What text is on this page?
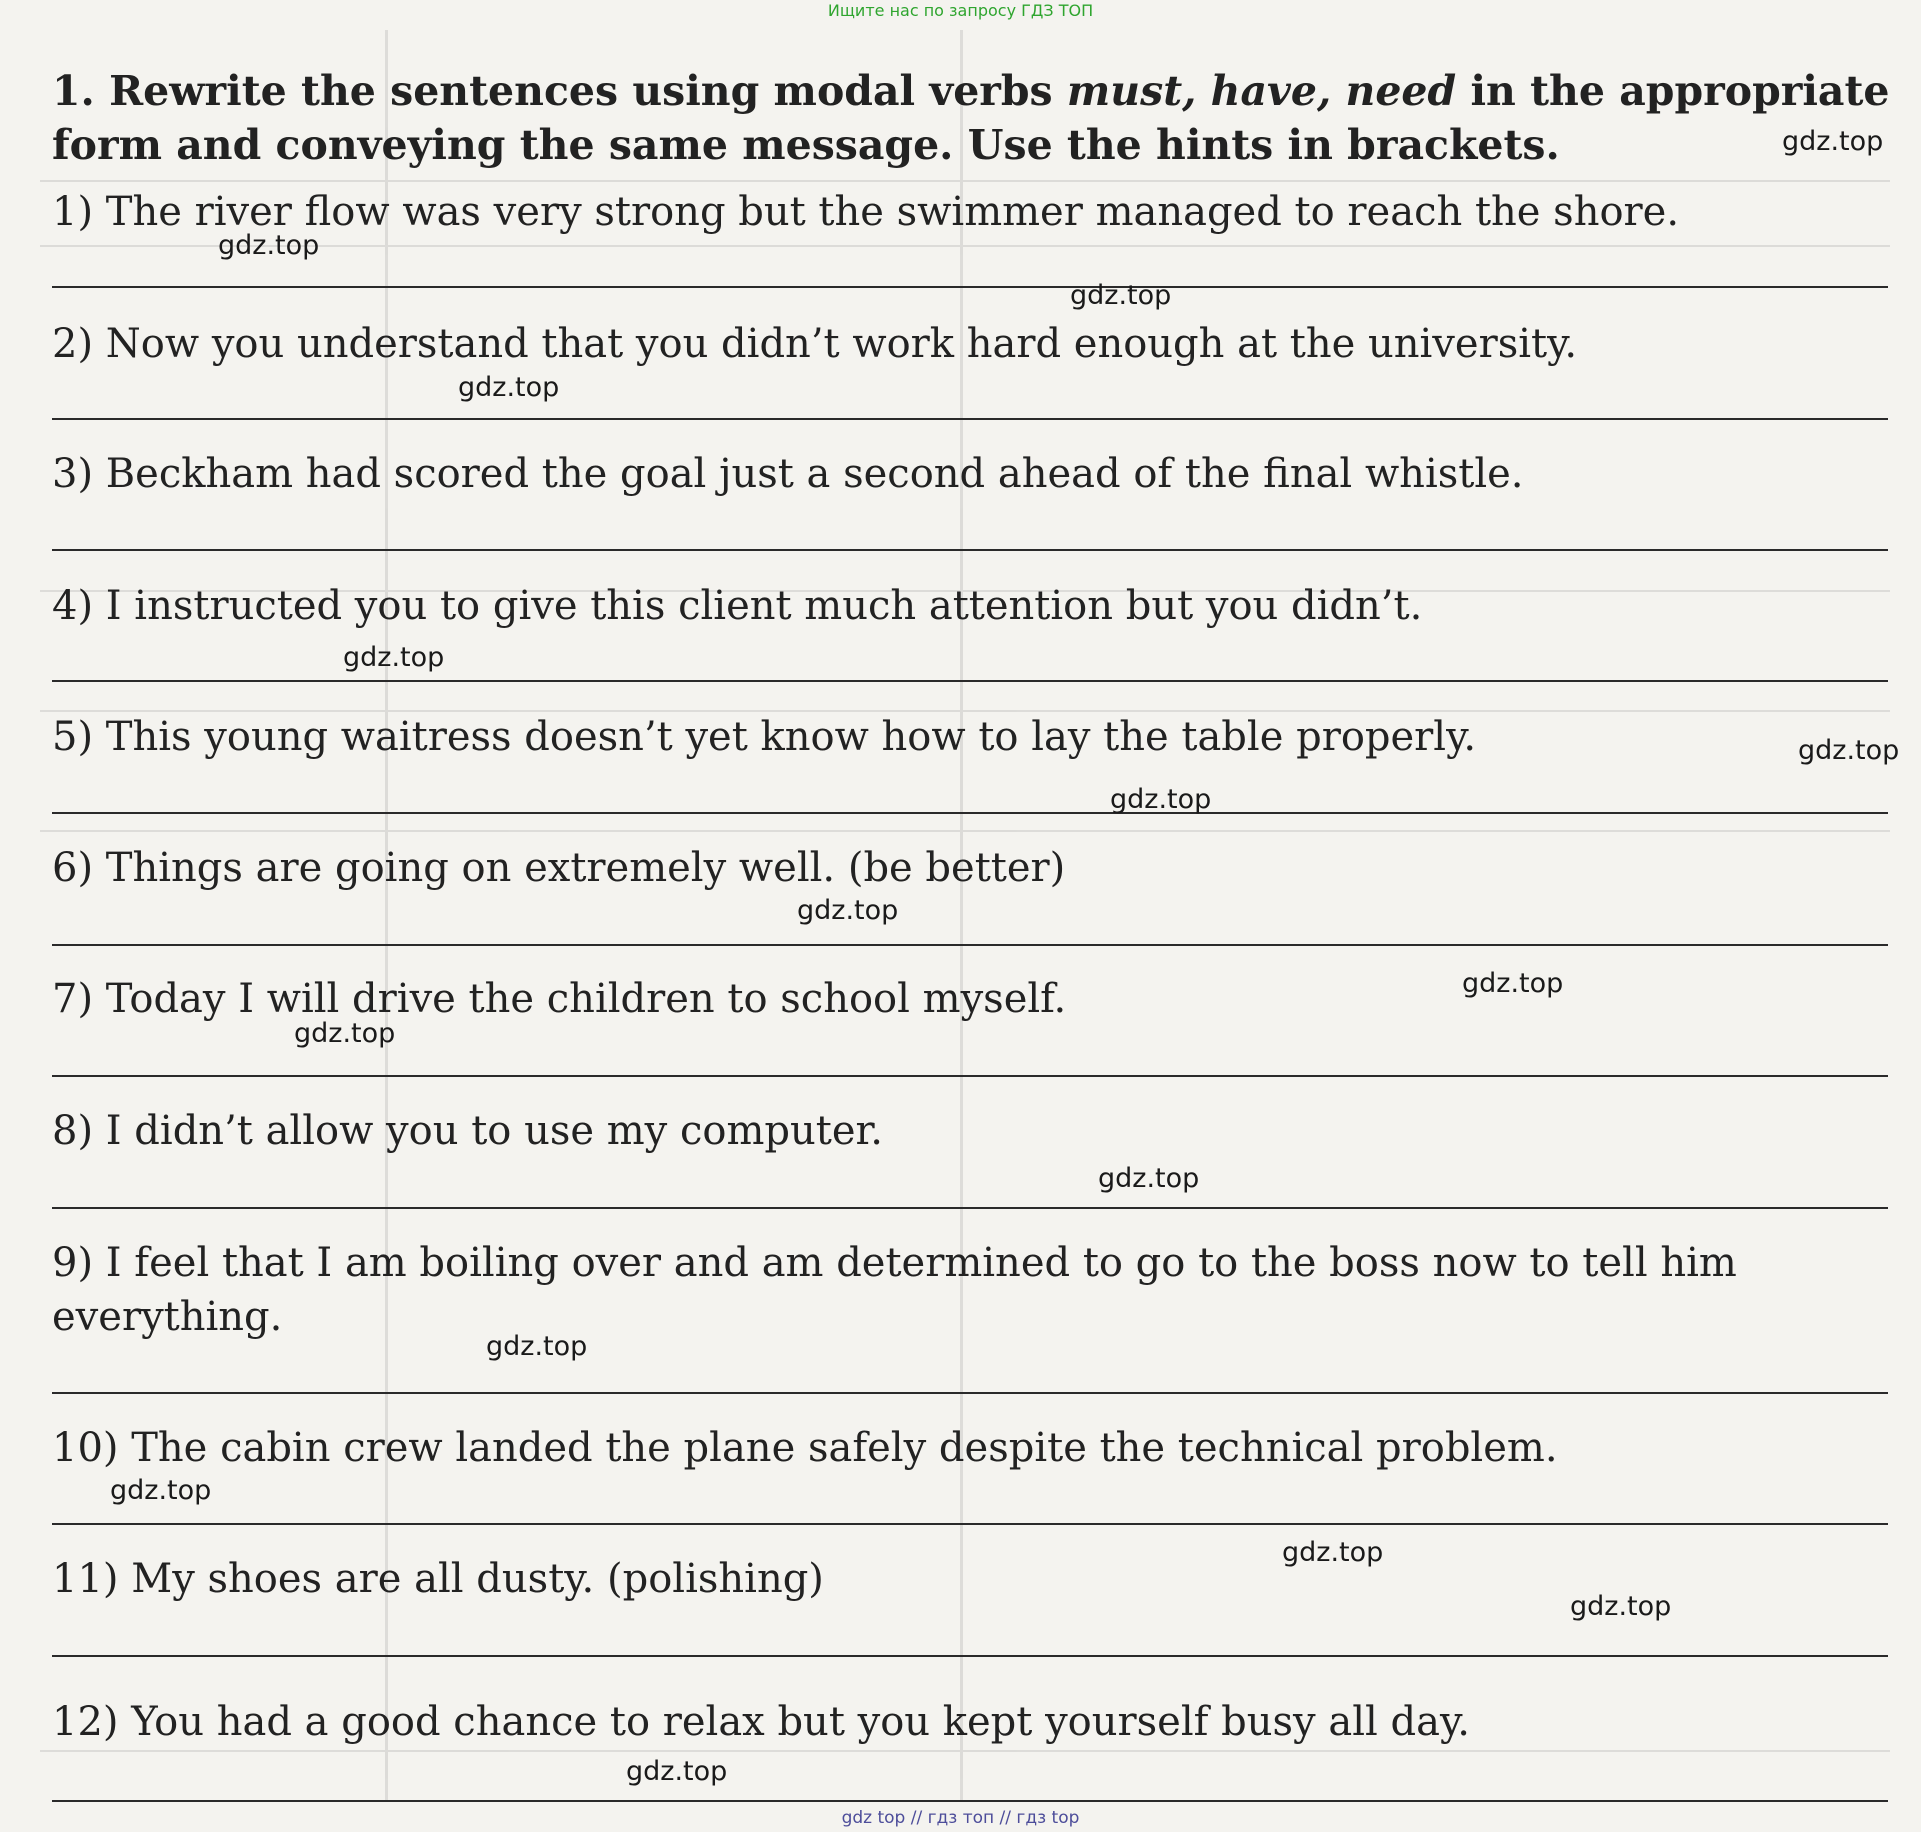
Ищите нас по запросу ГДЗ ТОП
1. Rewrite the sentences using modal verbs must, have, need in the appropriate form and conveying the same message. Use the hints in brackets.

1) The river flow was very strong but the swimmer managed to reach the shore.

2) Now you understand that you didn’t work hard enough at the university.

3) Beckham had scored the goal just a second ahead of the final whistle.

4) I instructed you to give this client much attention but you didn’t.

5) This young waitress doesn’t yet know how to lay the table properly.

6) Things are going on extremely well. (be better)

7) Today I will drive the children to school myself.

8) I didn’t allow you to use my computer.

9) I feel that I am boiling over and am determined to go to the boss now to tell him everything.

10) The cabin crew landed the plane safely despite the technical problem.

11) My shoes are all dusty. (polishing)

12) You had a good chance to relax but you kept yourself busy all day.

gdz.top
gdz.top
gdz.top
gdz.top
gdz.top
gdz.top
gdz.top
gdz.top
gdz.top
gdz.top
gdz.top
gdz.top
gdz.top
gdz.top
gdz.top
gdz.top
gdz top // гдз топ // гдз top
